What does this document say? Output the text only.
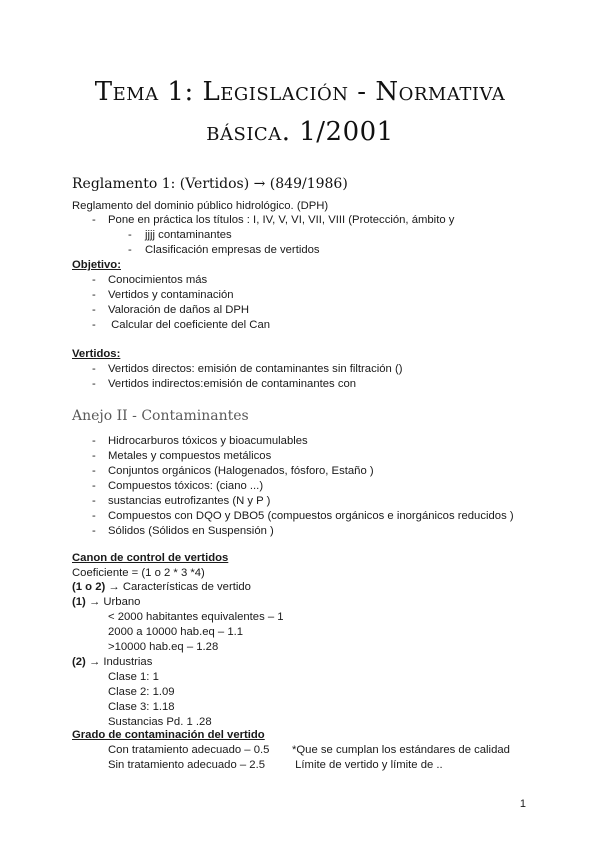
Tema 1: Legislación - Normativa
básica. 1/2001
Reglamento 1: (Vertidos) → (849/1986)
Reglamento del dominio público hidrológico. (DPH)
- Pone en práctica los títulos : I, IV, V, VI, VII, VIII (Protección, ámbito y
- jjjj contaminantes
- Clasificación empresas de vertidos
Objetivo:
- Conocimientos más
- Vertidos y contaminación
- Valoración de daños al DPH
- Calcular del coeficiente del Can
Vertidos:
- Vertidos directos: emisión de contaminantes sin filtración ()
- Vertidos indirectos:emisión de contaminantes con
Anejo II - Contaminantes
- Hidrocarburos tóxicos y bioacumulables
- Metales y compuestos metálicos
- Conjuntos orgánicos (Halogenados, fósforo, Estaño )
- Compuestos tóxicos: (ciano ...)
- sustancias eutrofizantes (N y P )
- Compuestos con DQO y DBO5 (compuestos orgánicos e inorgánicos reducidos )
- Sólidos (Sólidos en Suspensión )
Canon de control de vertidos
Coeficiente = (1 o 2 * 3 *4)
(1 o 2) → Características de vertido
(1) → Urbano
< 2000 habitantes equivalentes – 1
2000 a 10000 hab.eq – 1.1
>10000 hab.eq – 1.28
(2) → Industrias
Clase 1: 1
Clase 2: 1.09
Clase 3: 1.18
Sustancias Pd. 1 .28
Grado de contaminación del vertido
Con tratamiento adecuado – 0.5 *Que se cumplan los estándares de calidad
Sin tratamiento adecuado – 2.5 Límite de vertido y límite de ..
1
